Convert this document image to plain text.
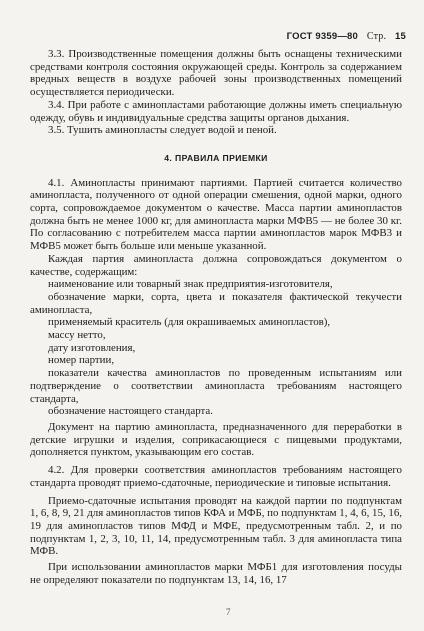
ГОСТ 9359—80 Стр. 15

3.3. Производственные помещения должны быть оснащены техническими средствами контроля состояния окружающей среды. Контроль за содержанием вредных веществ в воздухе рабочей зоны производственных помещений осуществляется периодически.

3.4. При работе с аминопластами работающие должны иметь специальную одежду, обувь и индивидуальные средства защиты органов дыхания.

3.5. Тушить аминопласты следует водой и пеной.

4. ПРАВИЛА ПРИЕМКИ

4.1. Аминопласты принимают партиями. Партией считается количество аминопласта, полученного от одной операции смешения, одной марки, одного сорта, сопровождаемое документом о качестве. Масса партии аминопластов должна быть не менее 1000 кг, для аминопласта марки МФВ5 — не более 30 кг. По согласованию с потребителем масса партии аминопластов марок МФВ3 и МФВ5 может быть больше или меньше указанной.

Каждая партия аминопласта должна сопровождаться документом о качестве, содержащим:

наименование или товарный знак предприятия-изготовителя,

обозначение марки, сорта, цвета и показателя фактической текучести аминопласта,

применяемый краситель (для окрашиваемых аминопластов),

массу нетто,

дату изготовления,

номер партии,

показатели качества аминопластов по проведенным испытаниям или подтверждение о соответствии аминопласта требованиям настоящего стандарта,

обозначение настоящего стандарта.

Документ на партию аминопласта, предназначенного для переработки в детские игрушки и изделия, соприкасающиеся с пищевыми продуктами, дополняется пунктом, указывающим его состав.

4.2. Для проверки соответствия аминопластов требованиям настоящего стандарта проводят приемо-сдаточные, периодические и типовые испытания.

Приемо-сдаточные испытания проводят на каждой партии по подпунктам 1, 6, 8, 9, 21 для аминопластов типов КФА и МФБ, по подпунктам 1, 4, 6, 15, 16, 19 для аминопластов типов МФД и МФЕ, предусмотренным табл. 2, и по подпунктам 1, 2, 3, 10, 11, 14, предусмотренным табл. 3 для аминопласта типа МФВ.

При использовании аминопластов марки МФБ1 для изготовления посуды не определяют показатели по подпунктам 13, 14, 16, 17

7
